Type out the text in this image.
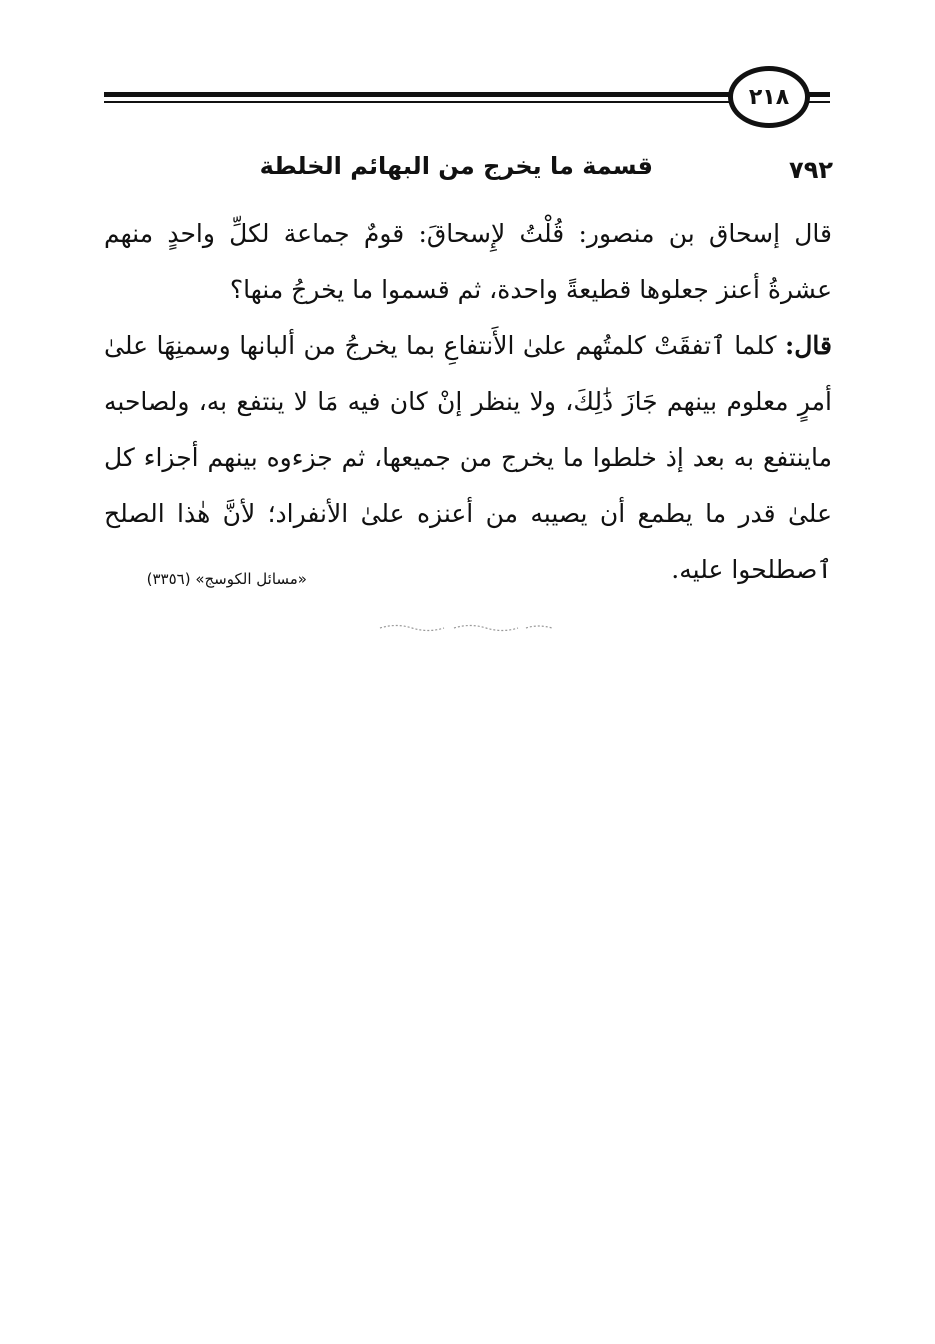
٢١٨
٧٩٢
قسمة ما يخرج من البهائم الخلطة

قال إسحاق بن منصور: قُلْتُ لإِسحاقَ: قومٌ جماعة لكلِّ واحدٍ منهم عشرةُ أعنز جعلوها قطيعةً واحدة، ثم قسموا ما يخرجُ منها؟

قال: كلما ٱتفقَتْ كلمتُهم علىٰ الأَنتفاعِ بما يخرجُ من ألبانها وسمنِهَا علىٰ أمرٍ معلوم بينهم جَازَ ذَٰلِكَ، ولا ينظر إنْ كان فيه مَا لا ينتفع به، ولصاحبه ماينتفع به بعد إذ خلطوا ما يخرج من جميعها، ثم جزءوه بينهم أجزاء كل علىٰ قدر ما يطمع أن يصيبه من أعنزه علىٰ الأنفراد؛ لأنَّ هٰذا الصلح ٱصطلحوا عليه.

«مسائل الكوسج» (٣٣٥٦)
